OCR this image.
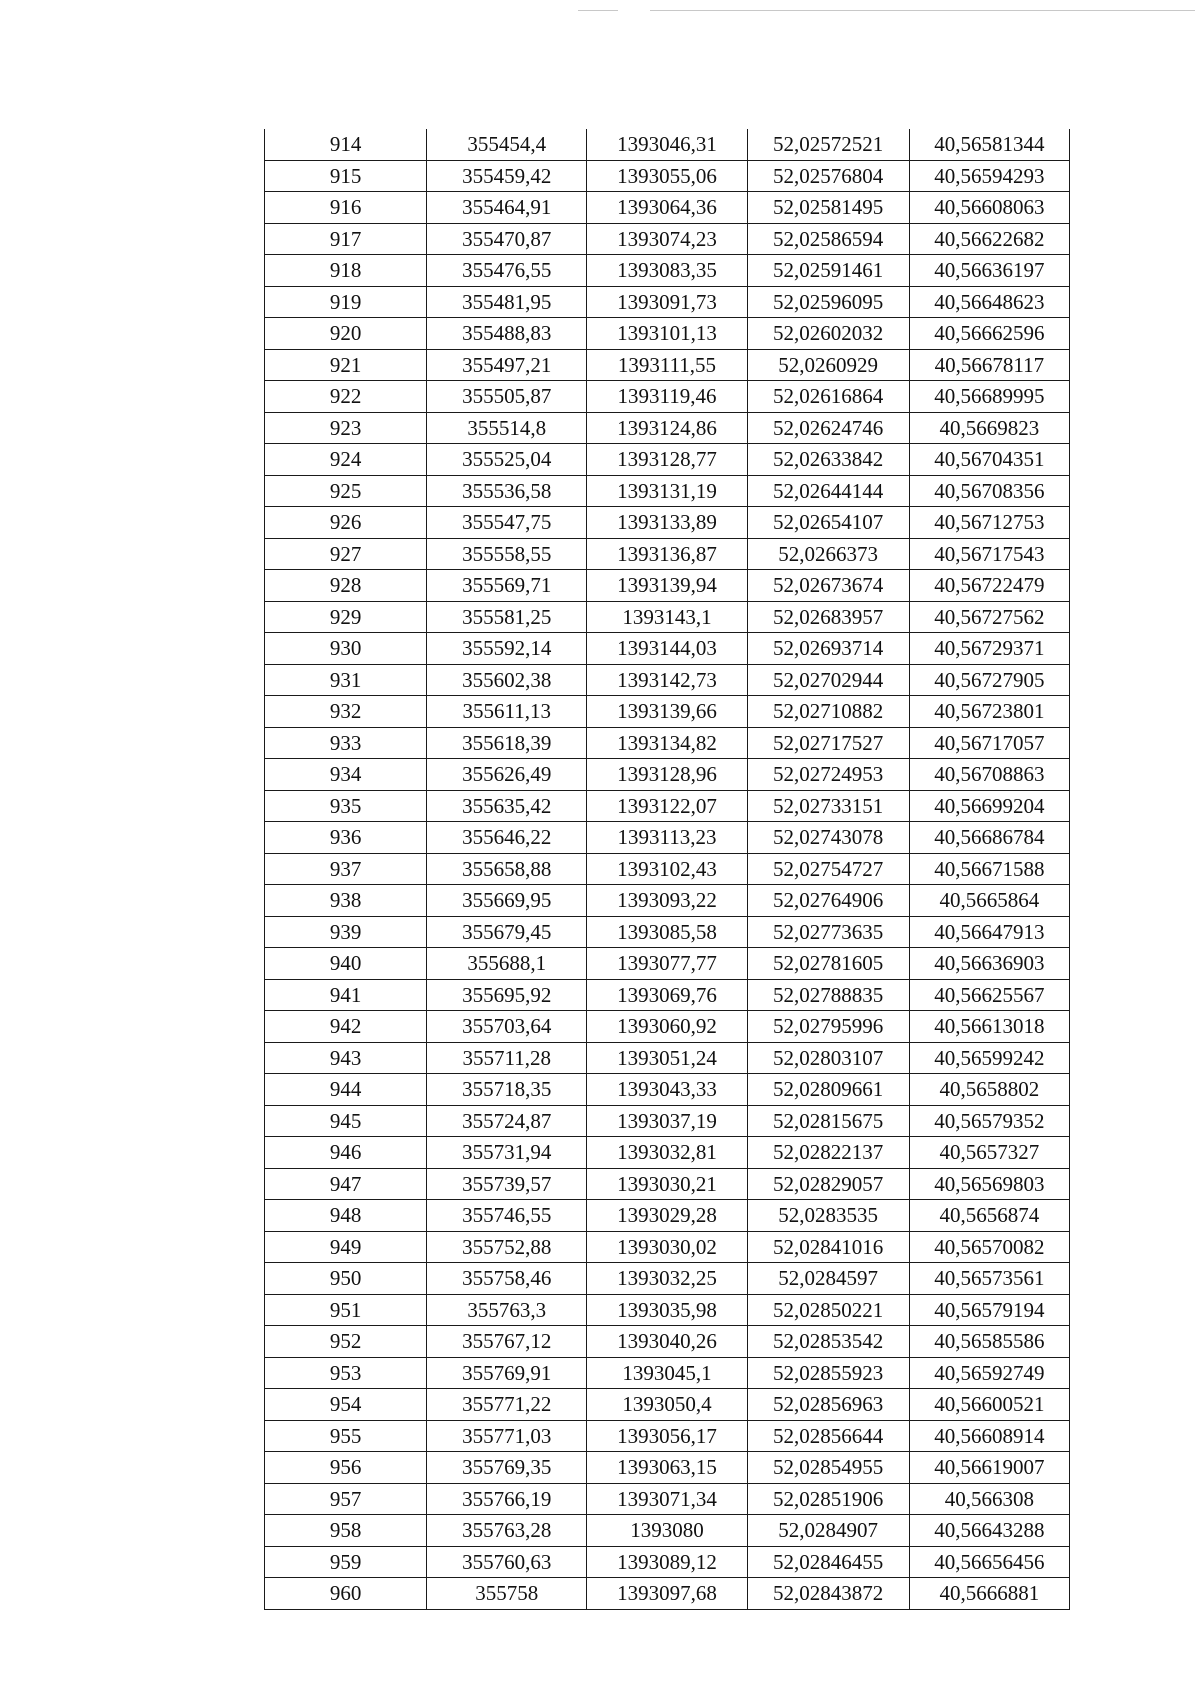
914	355454,4	1393046,31	52,02572521	40,56581344
915	355459,42	1393055,06	52,02576804	40,56594293
916	355464,91	1393064,36	52,02581495	40,56608063
917	355470,87	1393074,23	52,02586594	40,56622682
918	355476,55	1393083,35	52,02591461	40,56636197
919	355481,95	1393091,73	52,02596095	40,56648623
920	355488,83	1393101,13	52,02602032	40,56662596
921	355497,21	1393111,55	52,0260929	40,56678117
922	355505,87	1393119,46	52,02616864	40,56689995
923	355514,8	1393124,86	52,02624746	40,5669823
924	355525,04	1393128,77	52,02633842	40,56704351
925	355536,58	1393131,19	52,02644144	40,56708356
926	355547,75	1393133,89	52,02654107	40,56712753
927	355558,55	1393136,87	52,0266373	40,56717543
928	355569,71	1393139,94	52,02673674	40,56722479
929	355581,25	1393143,1	52,02683957	40,56727562
930	355592,14	1393144,03	52,02693714	40,56729371
931	355602,38	1393142,73	52,02702944	40,56727905
932	355611,13	1393139,66	52,02710882	40,56723801
933	355618,39	1393134,82	52,02717527	40,56717057
934	355626,49	1393128,96	52,02724953	40,56708863
935	355635,42	1393122,07	52,02733151	40,56699204
936	355646,22	1393113,23	52,02743078	40,56686784
937	355658,88	1393102,43	52,02754727	40,56671588
938	355669,95	1393093,22	52,02764906	40,5665864
939	355679,45	1393085,58	52,02773635	40,56647913
940	355688,1	1393077,77	52,02781605	40,56636903
941	355695,92	1393069,76	52,02788835	40,56625567
942	355703,64	1393060,92	52,02795996	40,56613018
943	355711,28	1393051,24	52,02803107	40,56599242
944	355718,35	1393043,33	52,02809661	40,5658802
945	355724,87	1393037,19	52,02815675	40,56579352
946	355731,94	1393032,81	52,02822137	40,5657327
947	355739,57	1393030,21	52,02829057	40,56569803
948	355746,55	1393029,28	52,0283535	40,5656874
949	355752,88	1393030,02	52,02841016	40,56570082
950	355758,46	1393032,25	52,0284597	40,56573561
951	355763,3	1393035,98	52,02850221	40,56579194
952	355767,12	1393040,26	52,02853542	40,56585586
953	355769,91	1393045,1	52,02855923	40,56592749
954	355771,22	1393050,4	52,02856963	40,56600521
955	355771,03	1393056,17	52,02856644	40,56608914
956	355769,35	1393063,15	52,02854955	40,56619007
957	355766,19	1393071,34	52,02851906	40,566308
958	355763,28	1393080	52,0284907	40,56643288
959	355760,63	1393089,12	52,02846455	40,56656456
960	355758	1393097,68	52,02843872	40,5666881
